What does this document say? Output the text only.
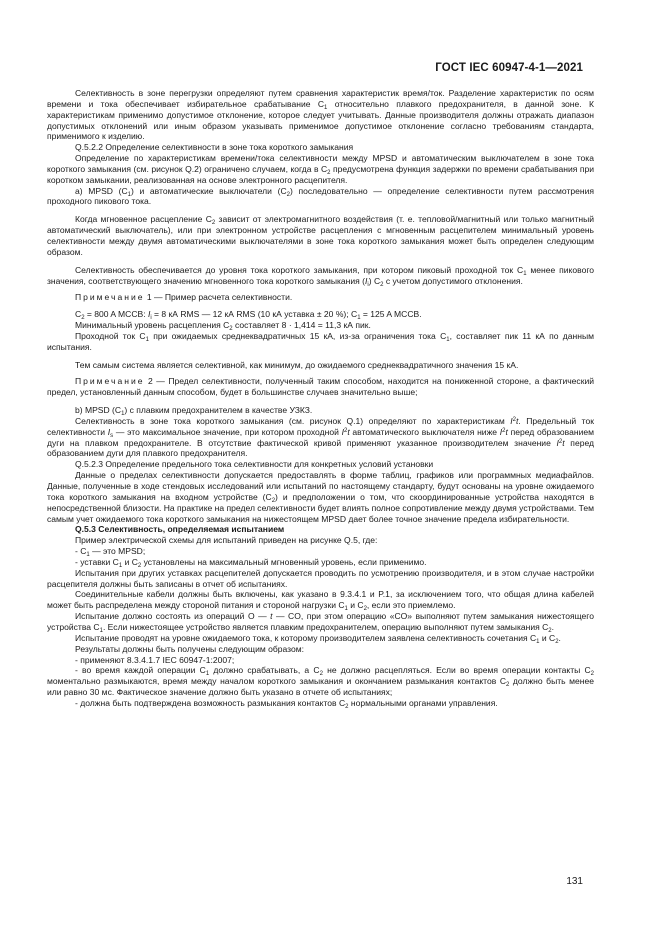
ГОСТ IEC 60947-4-1—2021

Селективность в зоне перегрузки определяют путем сравнения характеристик время/ток. Разделение характеристик по осям времени и тока обеспечивает избирательное срабатывание $C_1$ относительно плавкого предохранителя, в данной зоне. К характеристикам применимо допустимое отклонение, которое следует учитывать. Данные производителя должны отражать диапазон допустимых отклонений или иным образом указывать применимое допустимое отклонение согласно требованиям стандарта, применимого к изделию.

Q.5.2.2 Определение селективности в зоне тока короткого замыкания

Определение по характеристикам времени/тока селективности между MPSD и автоматическим выключателем в зоне тока короткого замыкания (см. рисунок Q.2) ограничено случаем, когда в $C_2$ предусмотрена функция задержки по времени срабатывания при коротком замыкании, реализованная на основе электронного расцепителя.

a) MPSD $(C_1)$ и автоматические выключатели $(C_2)$ последовательно — определение селективности путем рассмотрения проходного пикового тока.

Когда мгновенное расцепление $C_2$ зависит от электромагнитного воздействия (т. е. тепловой/магнитный или только магнитный автоматический выключатель), или при электронном устройстве расцепления с мгновенным расцепителем минимальный уровень селективности между двумя автоматическими выключателями в зоне тока короткого замыкания может быть определен следующим образом.

Селективность обеспечивается до уровня тока короткого замыкания, при котором пиковый проходной ток $C_1$ менее пикового значения, соответствующего значению мгновенного тока короткого замыкания $(I_i)$ $C_2$ с учетом допустимого отклонения.

Примечание 1 — Пример расчета селективности.

$C_2 = 800$ A MCCB: $I_i = 8$ кА RMS — 12 кА RMS (10 кА уставка ± 20 %); $C_1 = 125$ A MCCB.

Минимальный уровень расцепления $C_2$ составляет 8 · 1,414 = 11,3 кА пик.

Проходной ток $C_1$ при ожидаемых среднеквадратичных 15 кА, из-за ограничения тока $C_1$, составляет пик 11 кА по данным испытания.

Тем самым система является селективной, как минимум, до ожидаемого среднеквадратичного значения 15 кА.

Примечание 2 — Предел селективности, полученный таким способом, находится на пониженной стороне, а фактический предел, установленный данным способом, будет в большинстве случаев значительно выше;

b) MPSD $(C_1)$ с плавким предохранителем в качестве УЗКЗ.

Селективность в зоне тока короткого замыкания (см. рисунок Q.1) определяют по характеристикам $I^2t$. Предельный ток селективности $I_s$ — это максимальное значение, при котором проходной $I^2t$ автоматического выключателя ниже $I^2t$ перед образованием дуги на плавком предохранителе. В отсутствие фактической кривой применяют указанное производителем значение $I^2t$ перед образованием дуги для плавкого предохранителя.

Q.5.2.3 Определение предельного тока селективности для конкретных условий установки

Данные о пределах селективности допускается предоставлять в форме таблиц, графиков или программных медиафайлов. Данные, полученные в ходе стендовых исследований или испытаний по настоящему стандарту, будут основаны на уровне ожидаемого тока короткого замыкания на входном устройстве $(C_2)$ и предположении о том, что скоординированные устройства находятся в непосредственной близости. На практике на предел селективности будет влиять полное сопротивление между двумя устройствами. Тем самым учет ожидаемого тока короткого замыкания на нижестоящем MPSD дает более точное значение предела избирательности.

Q.5.3 Селективность, определяемая испытанием

Пример электрической схемы для испытаний приведен на рисунке Q.5, где:

- $C_1$ — это MPSD;

- уставки $C_1$ и $C_2$ установлены на максимальный мгновенный уровень, если применимо.

Испытания при других уставках расцепителей допускается проводить по усмотрению производителя, и в этом случае настройки расцепителя должны быть записаны в отчет об испытаниях.

Соединительные кабели должны быть включены, как указано в 9.3.4.1 и P.1, за исключением того, что общая длина кабелей может быть распределена между стороной питания и стороной нагрузки $C_1$ и $C_2$, если это приемлемо.

Испытание должно состоять из операций O — t — CO, при этом операцию «CO» выполняют путем замыкания нижестоящего устройства $C_1$. Если нижестоящее устройство является плавким предохранителем, операцию выполняют путем замыкания $C_2$.

Испытание проводят на уровне ожидаемого тока, к которому производителем заявлена селективность сочетания $C_1$ и $C_2$.

Результаты должны быть получены следующим образом:

- применяют 8.3.4.1.7 IEC 60947-1:2007;

- во время каждой операции $C_1$ должно срабатывать, а $C_2$ не должно расцепляться. Если во время операции контакты $C_2$ моментально размыкаются, время между началом короткого замыкания и окончанием размыкания контактов $C_2$ должно быть менее или равно 30 мс. Фактическое значение должно быть указано в отчете об испытаниях;

- должна быть подтверждена возможность размыкания контактов $C_2$ нормальными органами управления.

131
